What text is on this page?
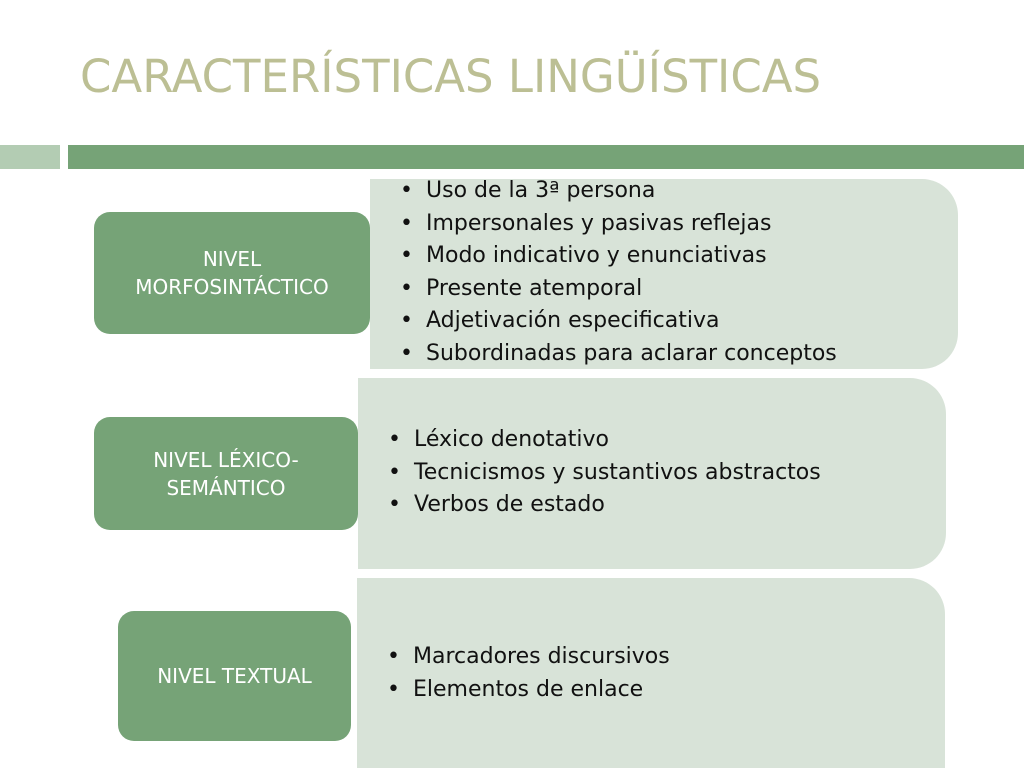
CARACTERÍSTICAS LINGÜÍSTICAS
NIVEL
MORFOSINTÁCTICO
• Uso de la 3ª persona
• Impersonales y pasivas reflejas
• Modo indicativo y enunciativas
• Presente atemporal
• Adjetivación especificativa
• Subordinadas para aclarar conceptos
NIVEL LÉXICO-
SEMÁNTICO
• Léxico denotativo
• Tecnicismos y sustantivos abstractos
• Verbos de estado
NIVEL TEXTUAL
• Marcadores discursivos
• Elementos de enlace
